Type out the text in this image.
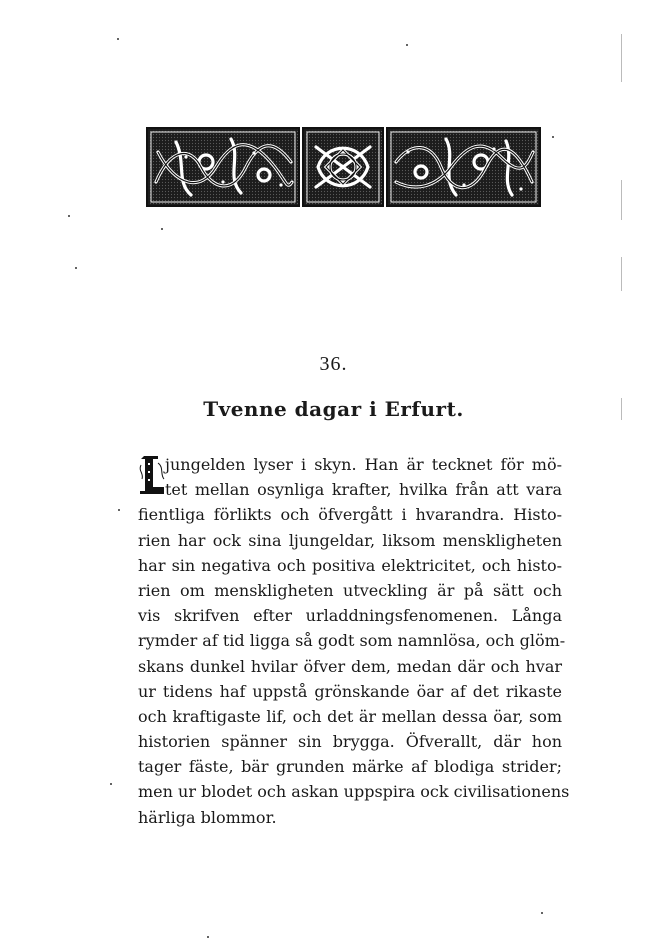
36.
Tvenne dagar i Erfurt.
jungelden lyser i skyn. Han är tecknet för mö-
tet mellan osynliga krafter, hvilka från att vara
fientliga förlikts och öfvergått i hvarandra. Histo-
rien har ock sina ljungeldar, liksom menskligheten
har sin negativa och positiva elektricitet, och histo-
rien om menskligheten utveckling är på sätt och
vis skrifven efter urladdningsfenomenen. Långa
rymder af tid ligga så godt som namnlösa, och glöm-
skans dunkel hvilar öfver dem, medan där och hvar
ur tidens haf uppstå grönskande öar af det rikaste
och kraftigaste lif, och det är mellan dessa öar, som
historien spänner sin brygga. Öfverallt, där hon
tager fäste, bär grunden märke af blodiga strider;
men ur blodet och askan uppspira ock civilisationens
härliga blommor.
